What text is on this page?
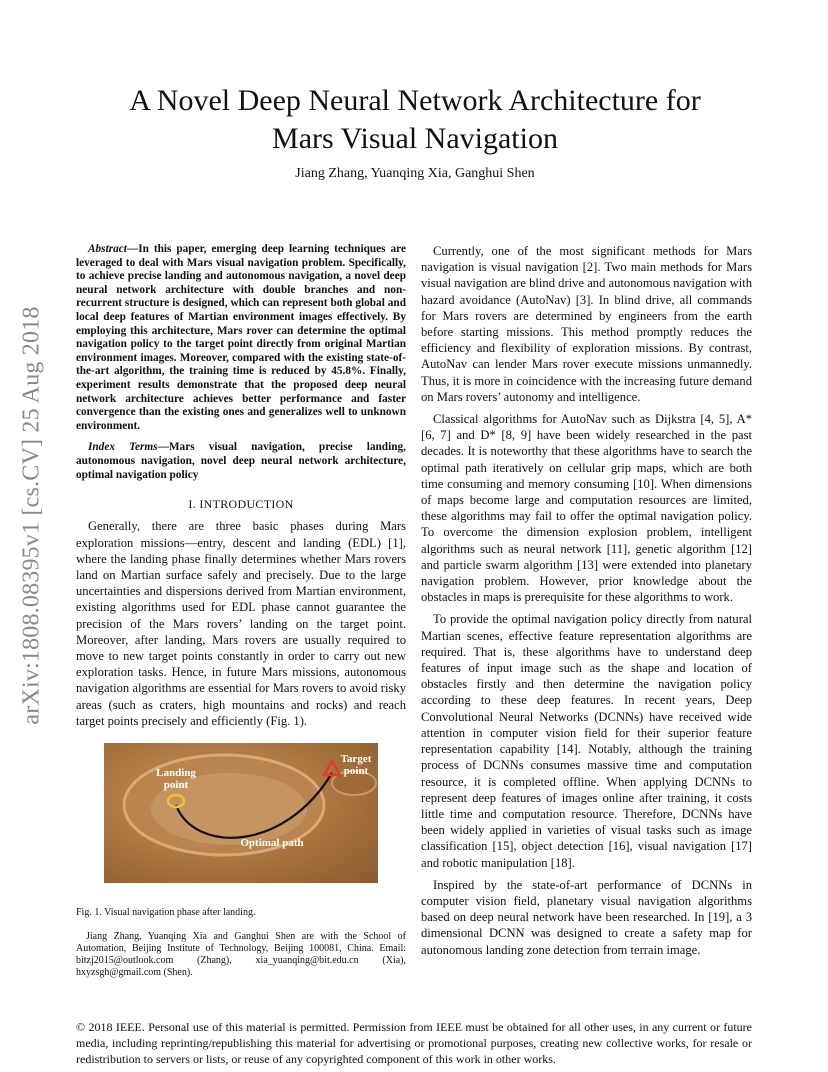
arXiv:1808.08395v1 [cs.CV] 25 Aug 2018
A Novel Deep Neural Network Architecture for
Mars Visual Navigation

Jiang Zhang, Yuanqing Xia, Ganghui Shen

Abstract—In this paper, emerging deep learning techniques are leveraged to deal with Mars visual navigation problem. Specifically, to achieve precise landing and autonomous navigation, a novel deep neural network architecture with double branches and non-recurrent structure is designed, which can represent both global and local deep features of Martian environment images effectively. By employing this architecture, Mars rover can determine the optimal navigation policy to the target point directly from original Martian environment images. Moreover, compared with the existing state-of-the-art algorithm, the training time is reduced by 45.8%. Finally, experiment results demonstrate that the proposed deep neural network architecture achieves better performance and faster convergence than the existing ones and generalizes well to unknown environment.

Index Terms—Mars visual navigation, precise landing, autonomous navigation, novel deep neural network architecture, optimal navigation policy

I. INTRODUCTION

Generally, there are three basic phases during Mars exploration missions—entry, descent and landing (EDL) [1], where the landing phase finally determines whether Mars rovers land on Martian surface safely and precisely. Due to the large uncertainties and dispersions derived from Martian environment, existing algorithms used for EDL phase cannot guarantee the precision of the Mars rovers’ landing on the target point. Moreover, after landing, Mars rovers are usually required to move to new target points constantly in order to carry out new exploration tasks. Hence, in future Mars missions, autonomous navigation algorithms are essential for Mars rovers to avoid risky areas (such as craters, high mountains and rocks) and reach target points precisely and efficiently (Fig. 1).

Landing point
Target point
Optimal path

Fig. 1. Visual navigation phase after landing.

Jiang Zhang, Yuanqing Xia and Ganghui Shen are with the School of Automation, Beijing Institute of Technology, Beijing 100081, China. Email: bitzj2015@outlook.com (Zhang), xia_yuanqing@bit.edu.cn (Xia), hxyzsgh@gmail.com (Shen).

Currently, one of the most significant methods for Mars navigation is visual navigation [2]. Two main methods for Mars visual navigation are blind drive and autonomous navigation with hazard avoidance (AutoNav) [3]. In blind drive, all commands for Mars rovers are determined by engineers from the earth before starting missions. This method promptly reduces the efficiency and flexibility of exploration missions. By contrast, AutoNav can lender Mars rover execute missions unmannedly. Thus, it is more in coincidence with the increasing future demand on Mars rovers’ autonomy and intelligence.

Classical algorithms for AutoNav such as Dijkstra [4, 5], A* [6, 7] and D* [8, 9] have been widely researched in the past decades. It is noteworthy that these algorithms have to search the optimal path iteratively on cellular grip maps, which are both time consuming and memory consuming [10]. When dimensions of maps become large and computation resources are limited, these algorithms may fail to offer the optimal navigation policy. To overcome the dimension explosion problem, intelligent algorithms such as neural network [11], genetic algorithm [12] and particle swarm algorithm [13] were extended into planetary navigation problem. However, prior knowledge about the obstacles in maps is prerequisite for these algorithms to work.

To provide the optimal navigation policy directly from natural Martian scenes, effective feature representation algorithms are required. That is, these algorithms have to understand deep features of input image such as the shape and location of obstacles firstly and then determine the navigation policy according to these deep features. In recent years, Deep Convolutional Neural Networks (DCNNs) have received wide attention in computer vision field for their superior feature representation capability [14]. Notably, although the training process of DCNNs consumes massive time and computation resource, it is completed offline. When applying DCNNs to represent deep features of images online after training, it costs little time and computation resource. Therefore, DCNNs have been widely applied in varieties of visual tasks such as image classification [15], object detection [16], visual navigation [17] and robotic manipulation [18].

Inspired by the state-of-art performance of DCNNs in computer vision field, planetary visual navigation algorithms based on deep neural network have been researched. In [19], a 3 dimensional DCNN was designed to create a safety map for autonomous landing zone detection from terrain image.

© 2018 IEEE. Personal use of this material is permitted. Permission from IEEE must be obtained for all other uses, in any current or future media, including reprinting/republishing this material for advertising or promotional purposes, creating new collective works, for resale or redistribution to servers or lists, or reuse of any copyrighted component of this work in other works.
